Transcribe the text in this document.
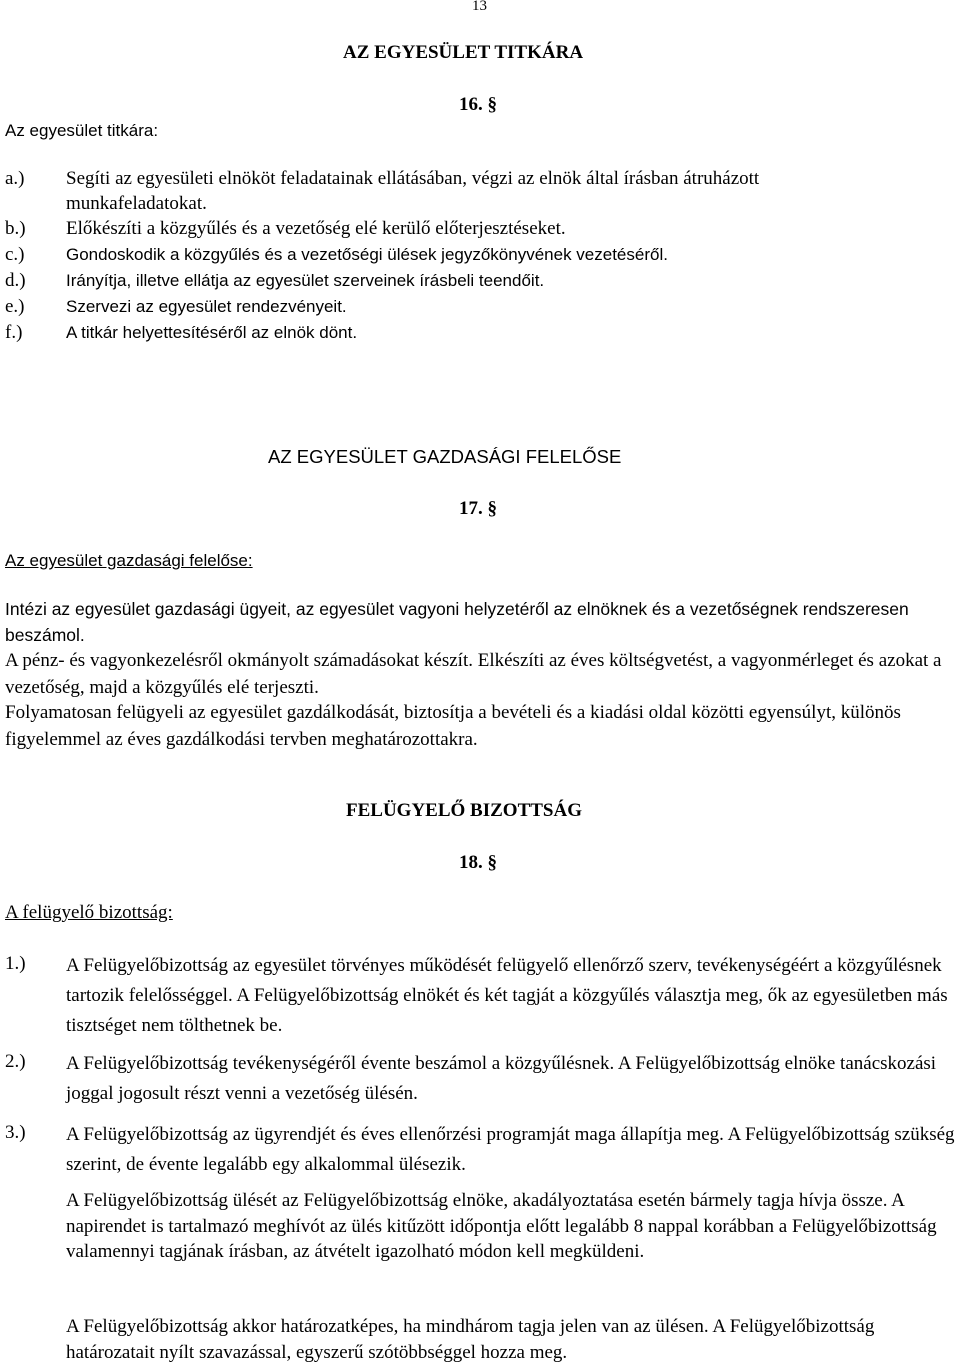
13
AZ EGYESÜLET TITKÁRA
16. §
Az egyesület titkára:
a.) Segíti az egyesületi elnököt feladatainak ellátásában, végzi az elnök által írásban átruházott
munkafeladatokat.
b.) Előkészíti a közgyűlés és a vezetőség elé kerülő előterjesztéseket.
c.) Gondoskodik a közgyűlés és a vezetőségi ülések jegyzőkönyvének vezetéséről.
d.) Irányítja, illetve ellátja az egyesület szerveinek írásbeli teendőit.
e.) Szervezi az egyesület rendezvényeit.
f.)	A titkár helyettesítéséről az elnök dönt.
AZ EGYESÜLET GAZDASÁGI FELELŐSE
17. §
Az egyesület gazdasági felelőse:
Intézi az egyesület gazdasági ügyeit, az egyesület vagyoni helyzetéről az elnöknek és a vezetőségnek rendszeresen beszámol.
A pénz- és vagyonkezelésről okmányolt számadásokat készít. Elkészíti az éves költségvetést, a vagyonmérleget és azokat a vezetőség, majd a közgyűlés elé terjeszti.
Folyamatosan felügyeli az egyesület gazdálkodását, biztosítja a bevételi és a kiadási oldal közötti egyensúlyt, különös figyelemmel az éves gazdálkodási tervben meghatározottakra.
FELÜGYELŐ BIZOTTSÁG
18. §
A felügyelő bizottság:
1.) A Felügyelőbizottság az egyesület törvényes működését felügyelő ellenőrző szerv, tevékenységéért a közgyűlésnek tartozik felelősséggel. A Felügyelőbizottság elnökét és két tagját a közgyűlés választja meg, ők az egyesületben más tisztséget nem tölthetnek be.
2.) A Felügyelőbizottság tevékenységéről évente beszámol a közgyűlésnek. A Felügyelőbizottság elnöke tanácskozási joggal jogosult részt venni a vezetőség ülésén.
3.) A Felügyelőbizottság az ügyrendjét és éves ellenőrzési programját maga állapítja meg. A Felügyelőbizottság szükség szerint, de évente legalább egy alkalommal ülésezik.
A Felügyelőbizottság ülését az Felügyelőbizottság elnöke, akadályoztatása esetén bármely tagja hívja össze. A napirendet is tartalmazó meghívót az ülés kitűzött időpontja előtt legalább 8 nappal korábban a Felügyelőbizottság valamennyi tagjának írásban, az átvételt igazolható módon kell megküldeni.
A Felügyelőbizottság akkor határozatképes, ha mindhárom tagja jelen van az ülésen. A Felügyelőbizottság határozatait nyílt szavazással, egyszerű szótöbbséggel hozza meg.
